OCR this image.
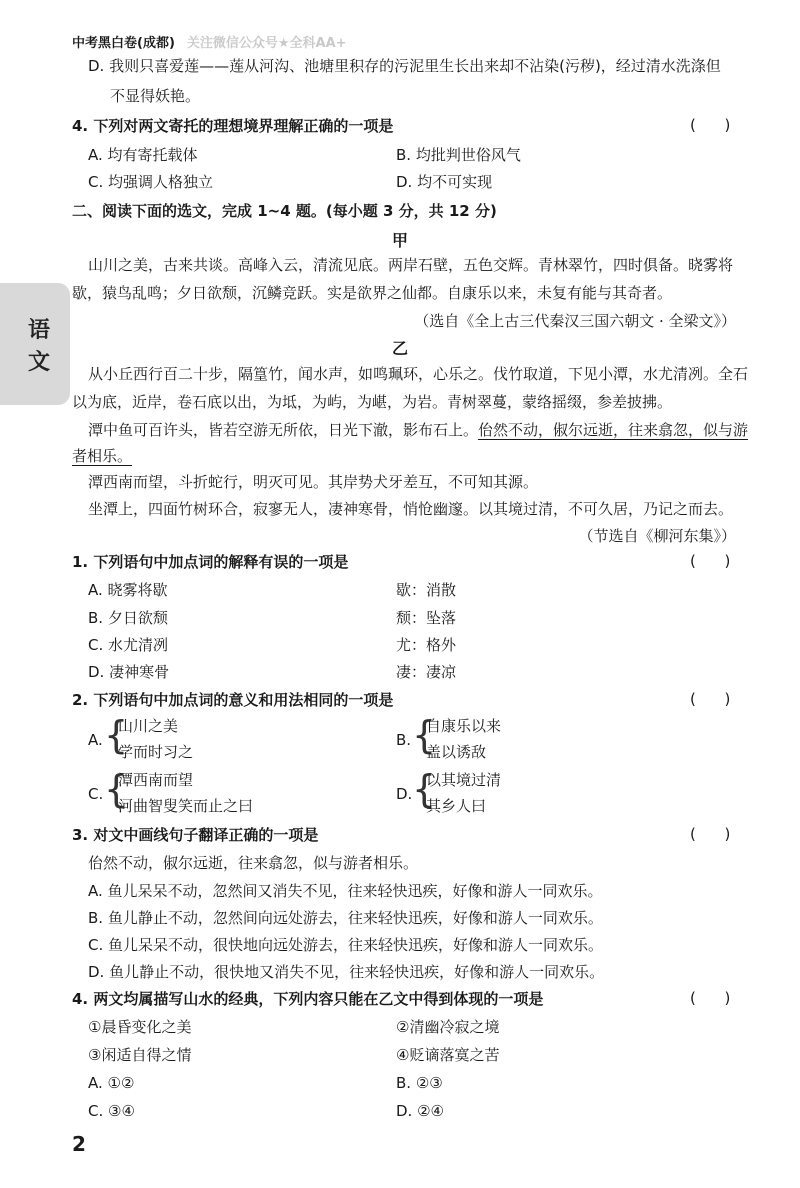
中考黑白卷(成都) 关注微信公众号★全科AA+
语
文
D. 我则只喜爱莲——莲从河沟、池塘里积存的污泥里生长出来却不沾染(污秽)，经过清水洗涤但
不显得妖艳。
4. 下列对两文寄托的理想境界理解正确的一项是	(      )
A. 均有寄托载体	B. 均批判世俗风气
C. 均强调人格独立	D. 均不可实现
二、阅读下面的选文，完成 1~4 题。(每小题 3 分，共 12 分)
甲
山川之美，古来共谈。高峰入云，清流见底。两岸石壁，五色交辉。青林翠竹，四时俱备。晓雾将
歇，猿鸟乱鸣；夕日欲颓，沉鳞竞跃。实是欲界之仙都。自康乐以来，未复有能与其奇者。
（选自《全上古三代秦汉三国六朝文 · 全梁文》）
乙
从小丘西行百二十步，隔篁竹，闻水声，如鸣珮环，心乐之。伐竹取道，下见小潭，水尤清冽。全石
以为底，近岸，卷石底以出，为坻，为屿，为嵁，为岩。青树翠蔓，蒙络摇缀，参差披拂。
潭中鱼可百许头，皆若空游无所依，日光下澈，影布石上。佁然不动，俶尔远逝，往来翕忽，似与游
者相乐。
潭西南而望，斗折蛇行，明灭可见。其岸势犬牙差互，不可知其源。
坐潭上，四面竹树环合，寂寥无人，凄神寒骨，悄怆幽邃。以其境过清，不可久居，乃记之而去。
（节选自《柳河东集》）
1. 下列语句中加点词的解释有误的一项是	(      )
A. 晓雾将歇	歇：消散
B. 夕日欲颓	颓：坠落
C. 水尤清冽	尤：格外
D. 凄神寒骨	凄：凄凉
2. 下列语句中加点词的意义和用法相同的一项是	(      )
A. {
山川之美
学而时习之
B. {
自康乐以来
盖以诱敌
C. {
潭西南而望
河曲智叟笑而止之曰
D. {
以其境过清
其乡人曰
3. 对文中画线句子翻译正确的一项是	(      )
佁然不动，俶尔远逝，往来翕忽，似与游者相乐。
A. 鱼儿呆呆不动，忽然间又消失不见，往来轻快迅疾，好像和游人一同欢乐。
B. 鱼儿静止不动，忽然间向远处游去，往来轻快迅疾，好像和游人一同欢乐。
C. 鱼儿呆呆不动，很快地向远处游去，往来轻快迅疾，好像和游人一同欢乐。
D. 鱼儿静止不动，很快地又消失不见，往来轻快迅疾，好像和游人一同欢乐。
4. 两文均属描写山水的经典，下列内容只能在乙文中得到体现的一项是	(      )
①晨昏变化之美	②清幽冷寂之境
③闲适自得之情	④贬谪落寞之苦
A. ①②	B. ②③
C. ③④	D. ②④
2
